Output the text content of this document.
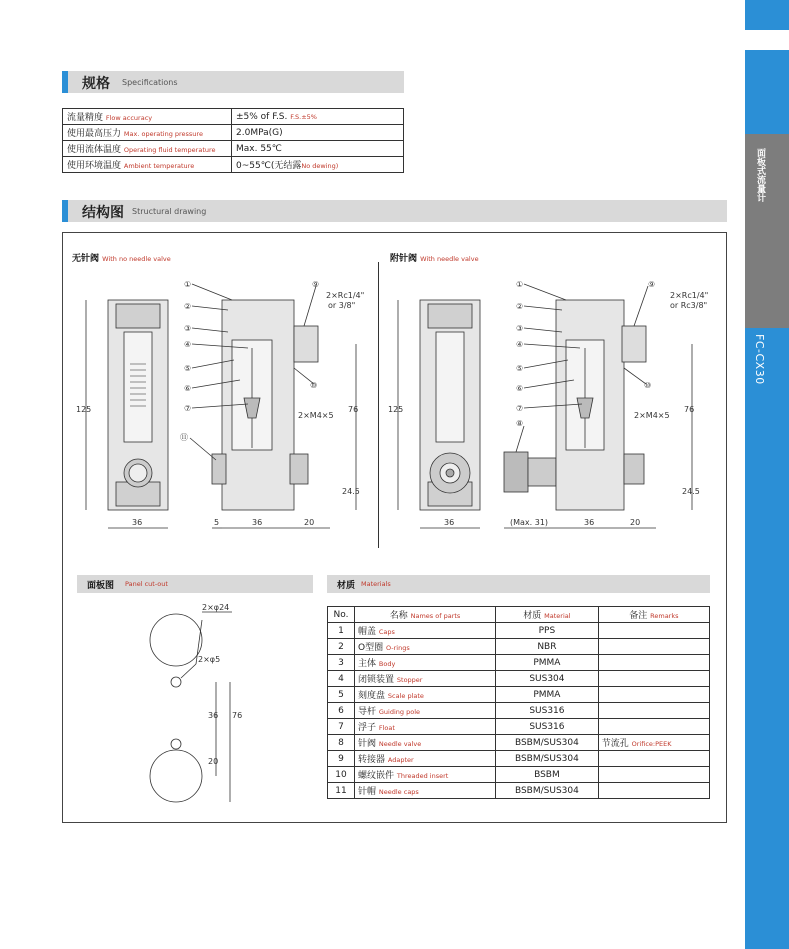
面板式流量计
FC-CX30
规格 Specifications
流量精度 Flow accuracy	±5% of F.S. F.S.±5%
使用最高压力 Max. operating pressure	2.0MPa(G)
使用流体温度 Operating fluid temperature	Max. 55℃
使用环境温度 Ambient temperature	0~55℃(无结露No dewing)
结构图 Structural drawing
无针阀 With no needle valve	附针阀 With needle valve
①
②
③
④
⑤
⑥
⑦
⑨
⑩
⑪
2×Rc1/4"
or 3/8"
2×M4×5
125
36	5	36	20
76
24.5
①
②
③
④
⑤
⑥
⑦
⑧
⑨
⑩
2×Rc1/4"
or Rc3/8"
2×M4×5
125
36	(Max. 31)	36	20
76
24.5
面板图 Panel cut-out
2×φ24
2×φ5
36 76
20
材质 Materials
No.	名称 Names of parts	材质 Material	备注 Remarks
1	帽盖 Caps	PPS	
2	O型圈 O-rings	NBR	
3	主体 Body	PMMA	
4	闭锁装置 Stopper	SUS304	
5	刻度盘 Scale plate	PMMA	
6	导杆 Guiding pole	SUS316	
7	浮子 Float	SUS316	
8	针阀 Needle valve	BSBM/SUS304	节流孔 Orifice:PEEK
9	转接器 Adapter	BSBM/SUS304	
10	螺纹嵌件 Threaded insert	BSBM	
11	针帽 Needle caps	BSBM/SUS304	
